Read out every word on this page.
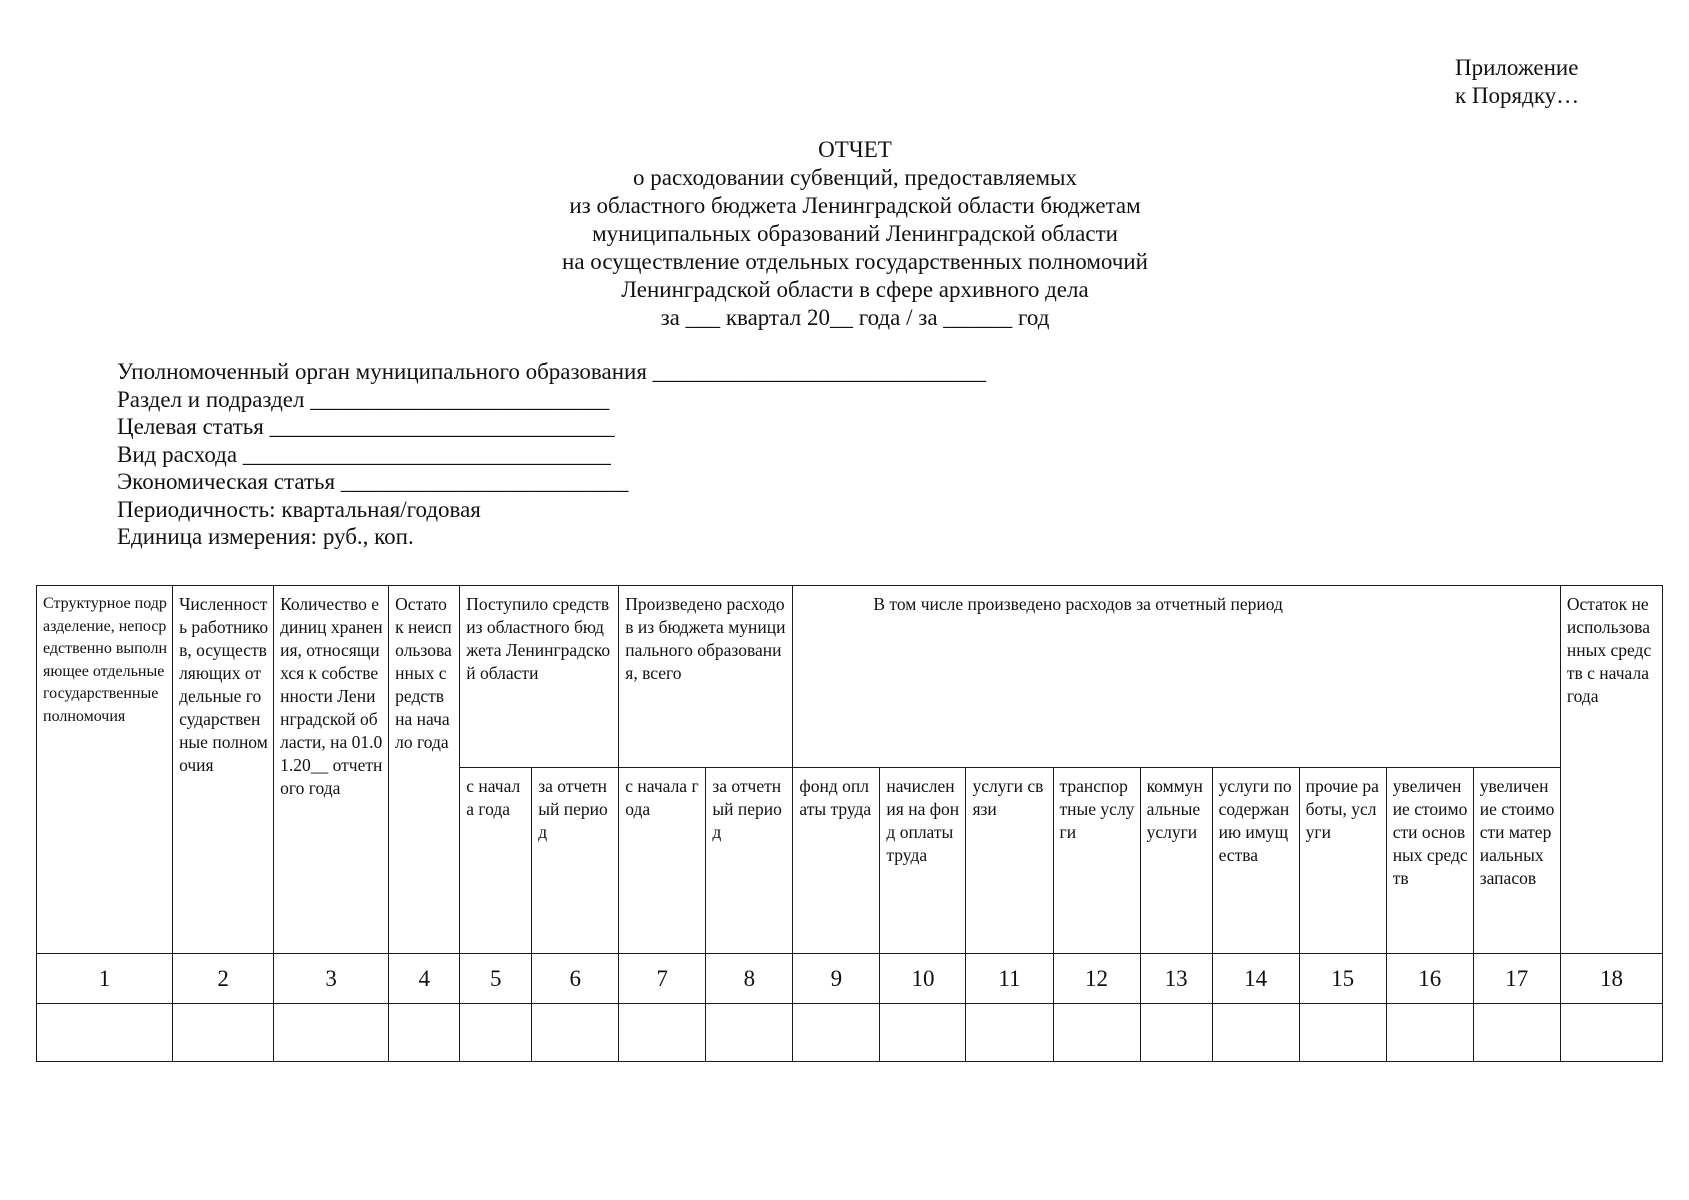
Приложение
к Порядку…
ОТЧЕТ
о расходовании субвенций, предоставляемых
из областного бюджета Ленинградской области бюджетам
муниципальных образований Ленинградской области
на осуществление отдельных государственных полномочий
Ленинградской области в сфере архивного дела
за ___ квартал 20__ года / за ______ год
Уполномоченный орган муниципального образования _____________________________
Раздел и подраздел __________________________
Целевая статья ______________________________
Вид расхода ________________________________
Экономическая статья _________________________
Периодичность: квартальная/годовая
Единица измерения: руб., коп.
Структурное подразделение, непосредственно выполняющее отдельные государственные полномочия	Численность работников, осуществляющих отдельные государственные полномочия	Количество единиц хранения, относящихся к собственности Ленинградской области, на 01.01.20__ отчетного года	Остаток неиспользованных средств на начало года	Поступило средств из областного бюджета Ленинградской области		Произведено расходов из бюджета муниципального образования, всего		В том числе произведено расходов за отчетный период									Остаток неиспользованных средств с начала года
				с начала года	за отчетный период	с начала года	за отчетный период	фонд оплаты труда	начисления на фонд оплаты труда	услуги связи	транспортные услуги	коммунальные услуги	услуги по содержанию имущества	прочие работы, услуги	увеличение стоимости основных средств	увеличение стоимости материальных запасов	
1	2	3	4	5	6	7	8	9	10	11	12	13	14	15	16	17	18
